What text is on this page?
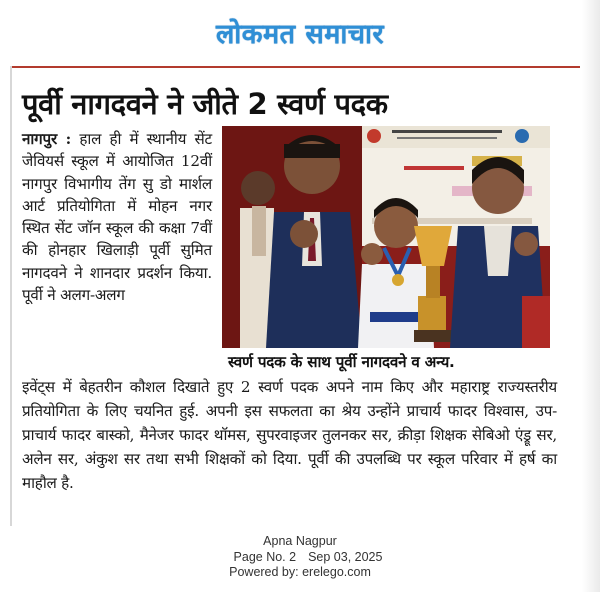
लोकमत समाचार
पूर्वी नागदवने ने जीते 2 स्वर्ण पदक
नागपुर : हाल ही में स्थानीय सेंट जेवियर्स स्कूल में आयोजित 12वीं नागपुर विभागीय तेंग सु डो मार्शल आर्ट प्रतियोगिता में मोहन नगर स्थित सेंट जॉन स्कूल की कक्षा 7वीं की होनहार खिलाड़ी पूर्वी सुमित नागदवने ने शानदार प्रदर्शन किया. पूर्वी ने अलग-अलग
स्वर्ण पदक के साथ पूर्वी नागदवने व अन्य.
इवेंट्स में बेहतरीन कौशल दिखाते हुए 2 स्वर्ण पदक अपने नाम किए और महाराष्ट्र राज्यस्तरीय प्रतियोगिता के लिए चयनित हुई. अपनी इस सफलता का श्रेय उन्होंने प्राचार्य फादर विश्वास, उप-प्राचार्य फादर बास्को, मैनेजर फादर थॉमस, सुपरवाइजर तुलनकर सर, क्रीड़ा शिक्षक सेबिओ एंड्रू सर, अलेन सर, अंकुश सर तथा सभी शिक्षकों को दिया. पूर्वी की उपलब्धि पर स्कूल परिवार में हर्ष का माहौल है.
Apna Nagpur
Page No. 2 Sep 03, 2025
Powered by: erelego.com
